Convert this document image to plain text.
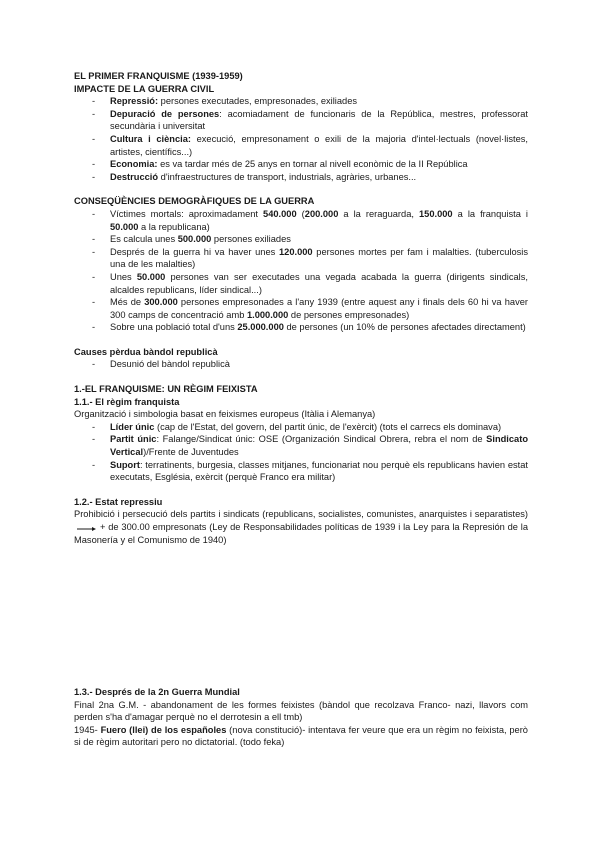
EL PRIMER FRANQUISME (1939-1959)
IMPACTE DE LA GUERRA CIVIL
- Repressió: persones executades, empresonades, exiliades
- Depuració de persones: acomiadament de funcionaris de la República, mestres, professorat secundària i universitat
- Cultura i ciència: execució, empresonament o exili de la majoria d'intel·lectuals (novel·listes, artistes, científics...)
- Economia: es va tardar més de 25 anys en tornar al nivell econòmic de la II República
- Destrucció d'infraestructures de transport, industrials, agràries, urbanes...
CONSEQÜÈNCIES DEMOGRÀFIQUES DE LA GUERRA
- Víctimes mortals: aproximadament 540.000 (200.000 a la reraguarda, 150.000 a la franquista i 50.000 a la republicana)
- Es calcula unes 500.000 persones exiliades
- Després de la guerra hi va haver unes 120.000 persones mortes per fam i malalties. (tuberculosis una de les malalties)
- Unes 50.000 persones van ser executades una vegada acabada la guerra (dirigents sindicals, alcaldes republicans, líder sindical...)
- Més de 300.000 persones empresonades a l'any 1939 (entre aquest any i finals dels 60 hi va haver 300 camps de concentració amb 1.000.000 de persones empresonades)
- Sobre una població total d'uns 25.000.000 de persones (un 10% de persones afectades directament)
Causes pèrdua bàndol republicà
- Desunió del bàndol republicà
1.-EL FRANQUISME: UN RÈGIM FEIXISTA
1.1.- El règim franquista
Organització i simbologia basat en feixismes europeus (Itàlia i Alemanya)
- Líder únic (cap de l'Estat, del govern, del partit únic, de l'exèrcit) (tots el carrecs els dominava)
- Partit únic: Falange/Sindicat únic: OSE (Organización Sindical Obrera, rebra el nom de Sindicato Vertical)/Frente de Juventudes
- Suport: terratinents, burgesia, classes mitjanes, funcionariat nou perquè els republicans havien estat executats, Església, exèrcit (perquè Franco era militar)
1.2.- Estat repressiu
Prohibició i persecució dels partits i sindicats (republicans, socialistes, comunistes, anarquistes i separatistes)+ de 300.00 empresonats (Ley de Responsabilidades políticas de 1939 i la Ley para la Represión de la Masonería y el Comunismo de 1940)
1.3.- Després de la 2n Guerra Mundial
Final 2na G.M. - abandonament de les formes feixistes (bàndol que recolzava Franco- nazi, llavors com perden s'ha d'amagar perquè no el derrotesin a ell tmb)
1945- Fuero (llei) de los españoles (nova constitució)- intentava fer veure que era un règim no feixista, però si de règim autoritari pero no dictatorial. (todo feka)
